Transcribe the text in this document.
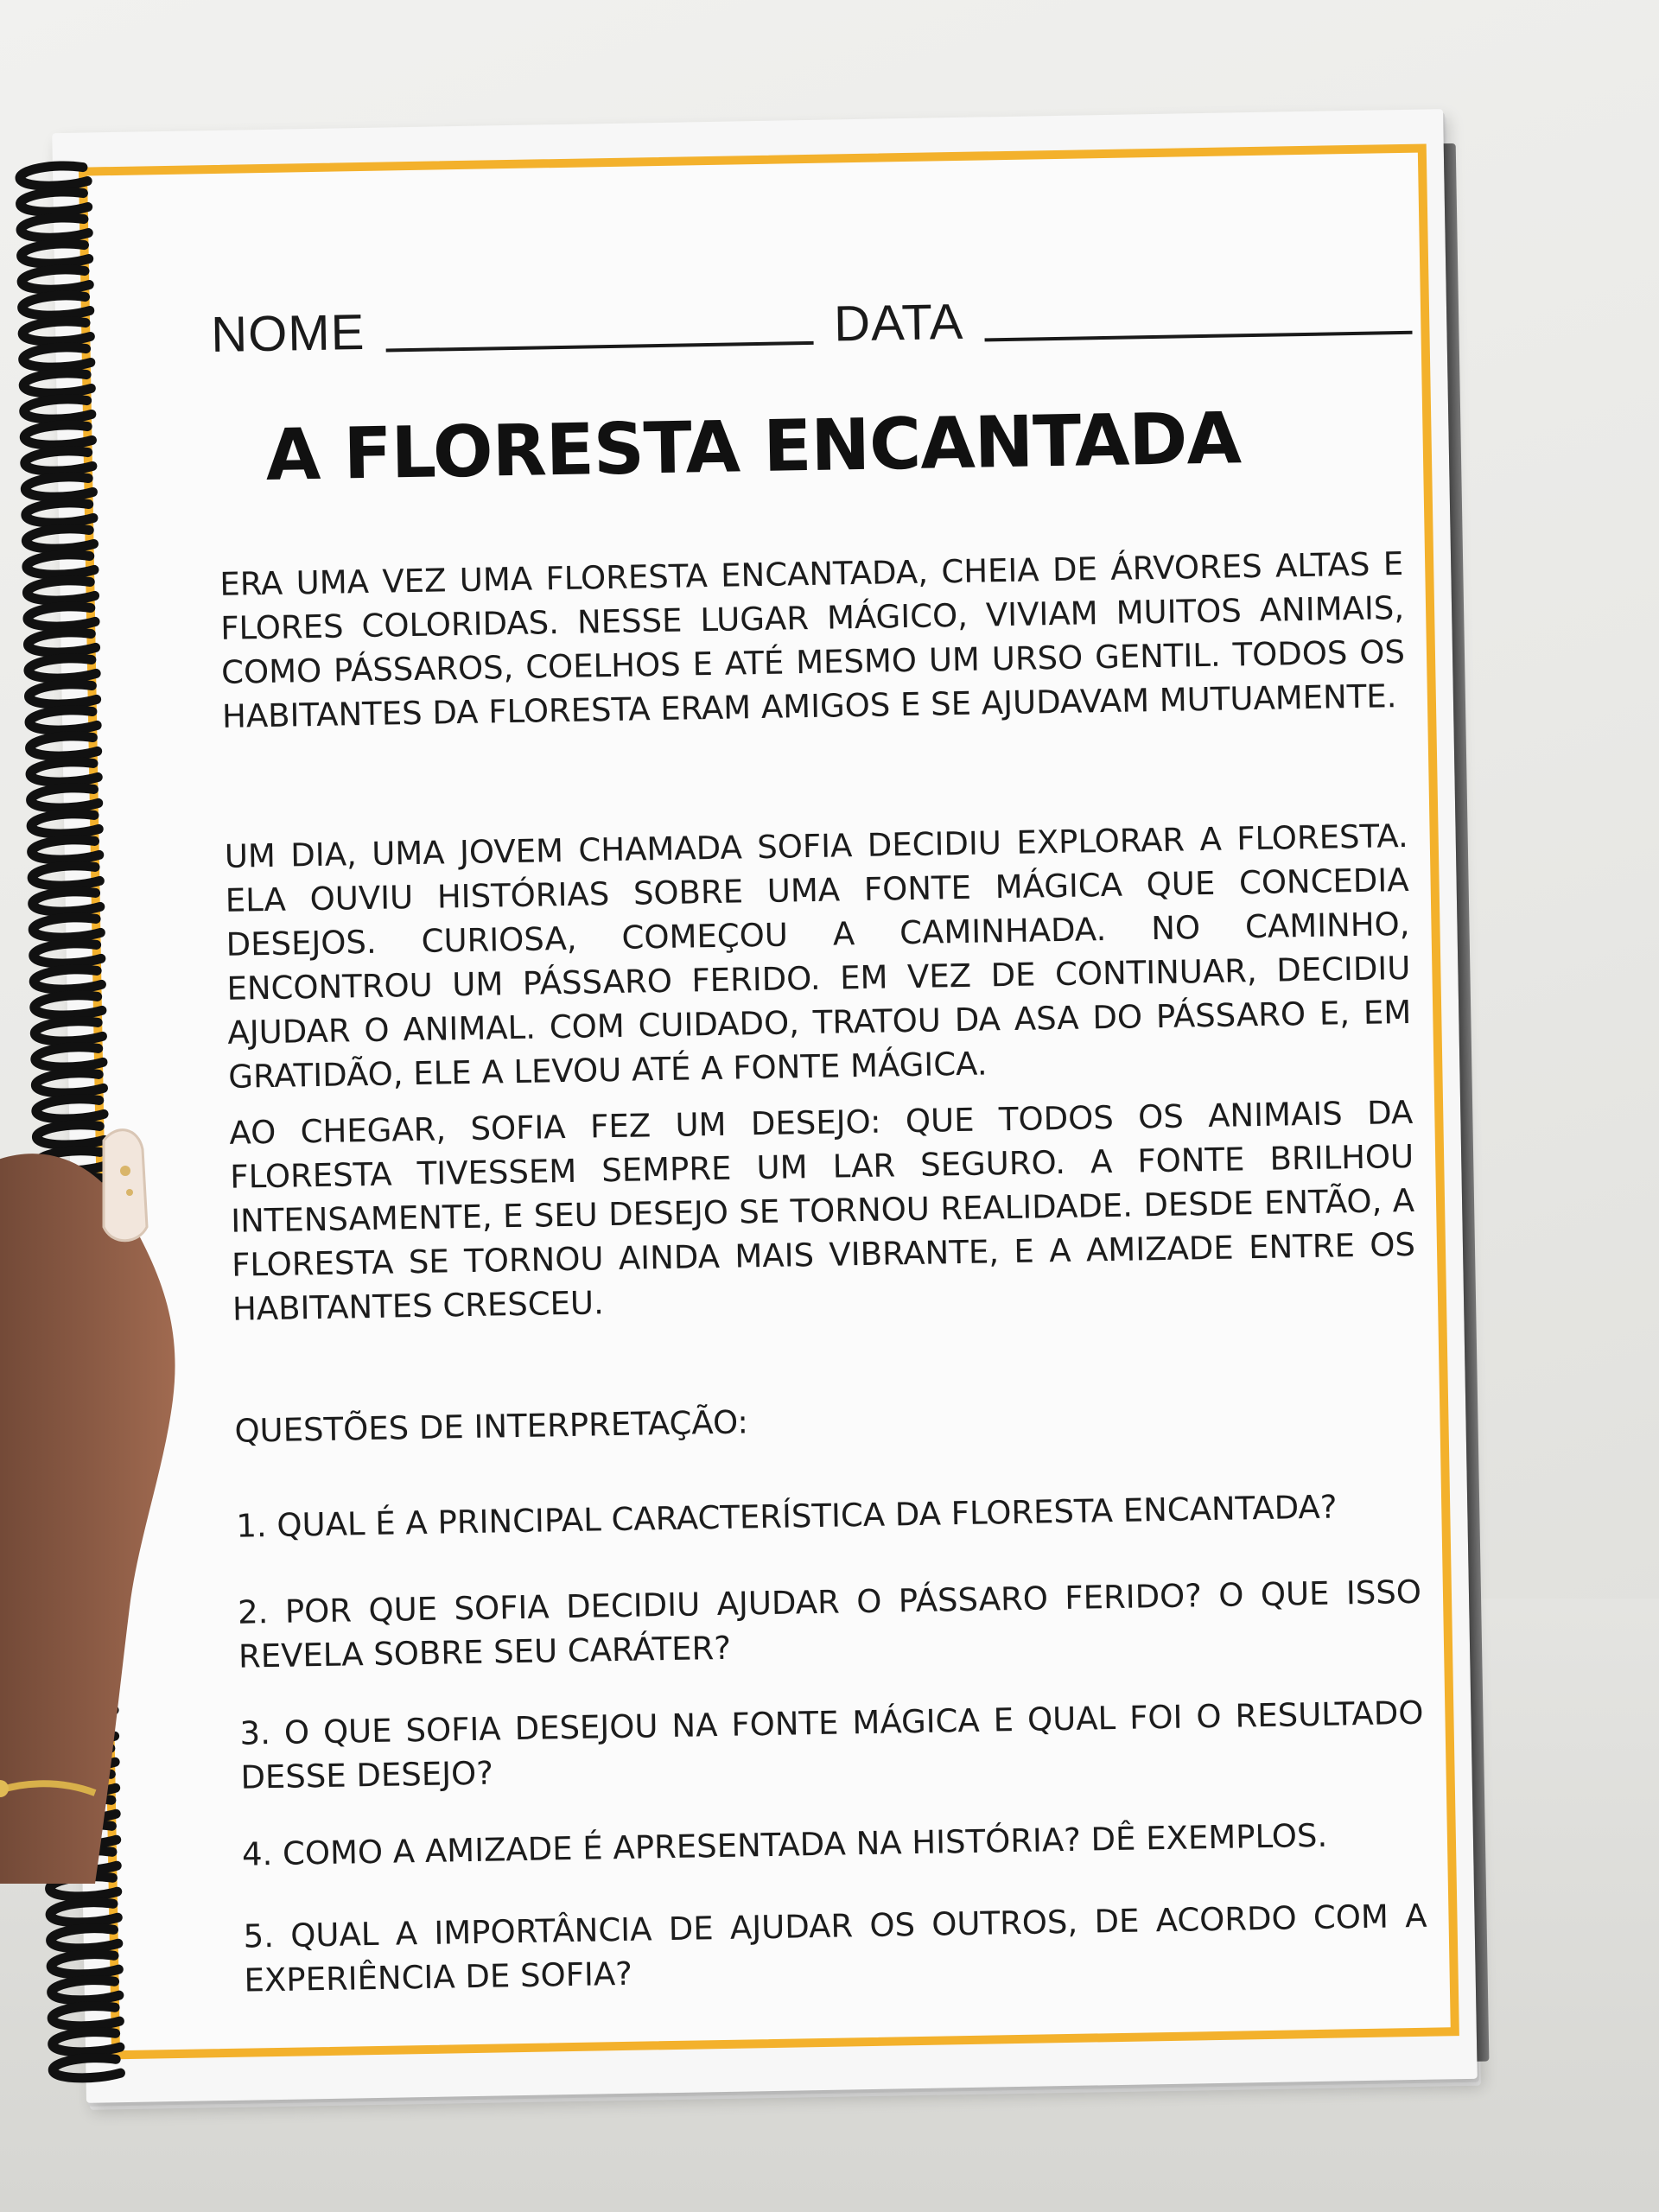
NOME	DATA
A FLORESTA ENCANTADA
ERA UMA VEZ UMA FLORESTA ENCANTADA, CHEIA DE ÁRVORES ALTAS E FLORES COLORIDAS. NESSE LUGAR MÁGICO, VIVIAM MUITOS ANIMAIS, COMO PÁSSAROS, COELHOS E ATÉ MESMO UM URSO GENTIL. TODOS OS HABITANTES DA FLORESTA ERAM AMIGOS E SE AJUDAVAM MUTUAMENTE.
UM DIA, UMA JOVEM CHAMADA SOFIA DECIDIU EXPLORAR A FLORESTA. ELA OUVIU HISTÓRIAS SOBRE UMA FONTE MÁGICA QUE CONCEDIA DESEJOS. CURIOSA, COMEÇOU A CAMINHADA. NO CAMINHO, ENCONTROU UM PÁSSARO FERIDO. EM VEZ DE CONTINUAR, DECIDIU AJUDAR O ANIMAL. COM CUIDADO, TRATOU DA ASA DO PÁSSARO E, EM GRATIDÃO, ELE A LEVOU ATÉ A FONTE MÁGICA.
AO CHEGAR, SOFIA FEZ UM DESEJO: QUE TODOS OS ANIMAIS DA FLORESTA TIVESSEM SEMPRE UM LAR SEGURO. A FONTE BRILHOU INTENSAMENTE, E SEU DESEJO SE TORNOU REALIDADE. DESDE ENTÃO, A FLORESTA SE TORNOU AINDA MAIS VIBRANTE, E A AMIZADE ENTRE OS HABITANTES CRESCEU.
QUESTÕES DE INTERPRETAÇÃO:
1. QUAL É A PRINCIPAL CARACTERÍSTICA DA FLORESTA ENCANTADA?
2. POR QUE SOFIA DECIDIU AJUDAR O PÁSSARO FERIDO? O QUE ISSO REVELA SOBRE SEU CARÁTER?
3. O QUE SOFIA DESEJOU NA FONTE MÁGICA E QUAL FOI O RESULTADO DESSE DESEJO?
4. COMO A AMIZADE É APRESENTADA NA HISTÓRIA? DÊ EXEMPLOS.
5. QUAL A IMPORTÂNCIA DE AJUDAR OS OUTROS, DE ACORDO COM A EXPERIÊNCIA DE SOFIA?
